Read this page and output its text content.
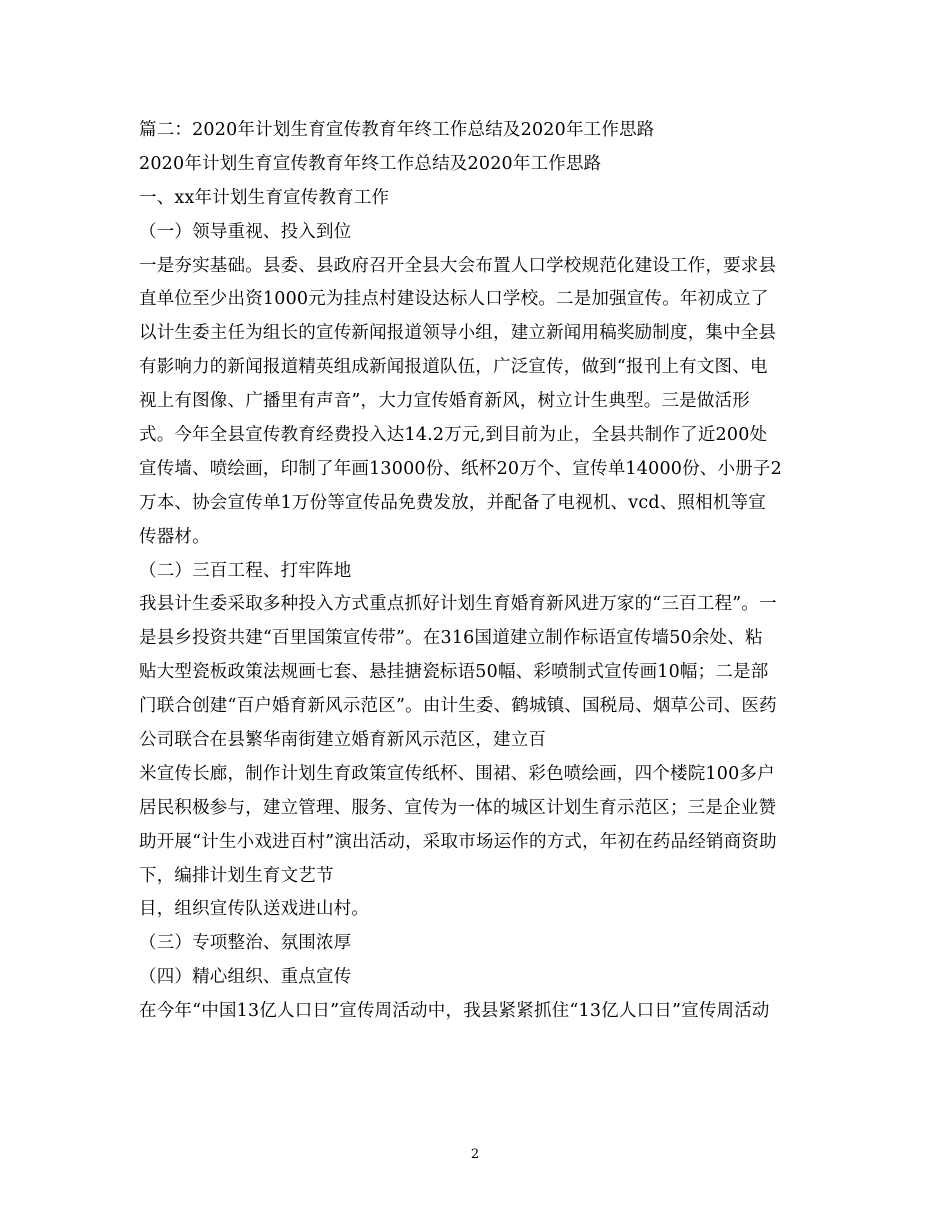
篇二：2020年计划生育宣传教育年终工作总结及2020年工作思路
2020年计划生育宣传教育年终工作总结及2020年工作思路
一、xx年计划生育宣传教育工作
（一）领导重视、投入到位
一是夯实基础。县委、县政府召开全县大会布置人口学校规范化建设工作，要求县
直单位至少出资1000元为挂点村建设达标人口学校。二是加强宣传。年初成立了
以计生委主任为组长的宣传新闻报道领导小组，建立新闻用稿奖励制度，集中全县
有影响力的新闻报道精英组成新闻报道队伍，广泛宣传，做到“报刊上有文图、电
视上有图像、广播里有声音”，大力宣传婚育新风，树立计生典型。三是做活形
式。今年全县宣传教育经费投入达14.2万元,到目前为止，全县共制作了近200处
宣传墙、喷绘画，印制了年画13000份、纸杯20万个、宣传单14000份、小册子2
万本、协会宣传单1万份等宣传品免费发放，并配备了电视机、vcd、照相机等宣
传器材。
（二）三百工程、打牢阵地
我县计生委采取多种投入方式重点抓好计划生育婚育新风进万家的“三百工程”。一
是县乡投资共建“百里国策宣传带”。在316国道建立制作标语宣传墙50余处、粘
贴大型瓷板政策法规画七套、悬挂搪瓷标语50幅、彩喷制式宣传画10幅；二是部
门联合创建“百户婚育新风示范区”。由计生委、鹤城镇、国税局、烟草公司、医药
公司联合在县繁华南街建立婚育新风示范区，建立百
米宣传长廊，制作计划生育政策宣传纸杯、围裙、彩色喷绘画，四个楼院100多户
居民积极参与，建立管理、服务、宣传为一体的城区计划生育示范区；三是企业赞
助开展“计生小戏进百村”演出活动，采取市场运作的方式，年初在药品经销商资助
下，编排计划生育文艺节
目，组织宣传队送戏进山村。
（三）专项整治、氛围浓厚
（四）精心组织、重点宣传
在今年“中国13亿人口日”宣传周活动中，我县紧紧抓住“13亿人口日”宣传周活动
2
